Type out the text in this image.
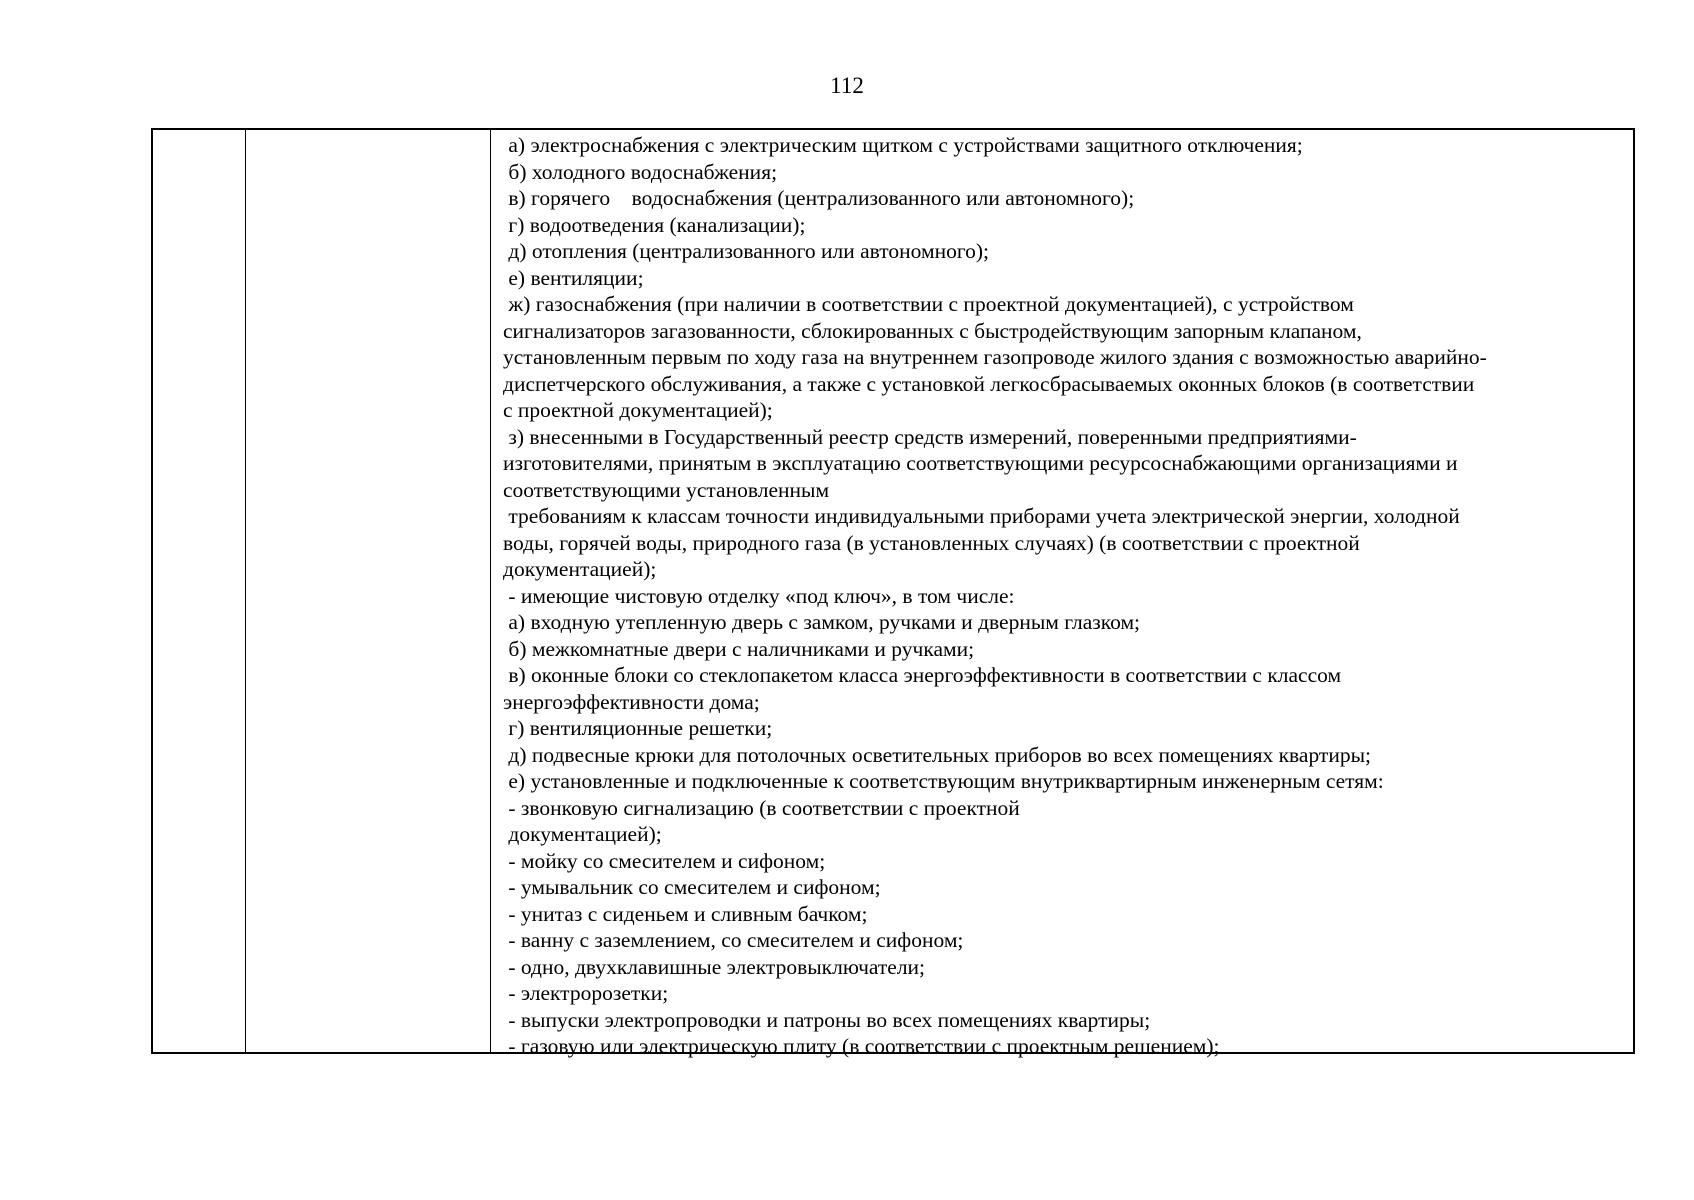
112
а) электроснабжения с электрическим щитком с устройствами защитного отключения;
б) холодного водоснабжения;
в) горячего    водоснабжения (централизованного или автономного);
г) водоотведения (канализации);
д) отопления (централизованного или автономного);
е) вентиляции;
ж) газоснабжения (при наличии в соответствии с проектной документацией), с устройством
сигнализаторов загазованности, сблокированных с быстродействующим запорным клапаном,
установленным первым по ходу газа на внутреннем газопроводе жилого здания с возможностью аварийно-
диспетчерского обслуживания, а также с установкой легкосбрасываемых оконных блоков (в соответствии
с проектной документацией);
з) внесенными в Государственный реестр средств измерений, поверенными предприятиями-
изготовителями, принятым в эксплуатацию соответствующими ресурсоснабжающими организациями и
соответствующими установленным
требованиям к классам точности индивидуальными приборами учета электрической энергии, холодной
воды, горячей воды, природного газа (в установленных случаях) (в соответствии с проектной
документацией);
- имеющие чистовую отделку «под ключ», в том числе:
а) входную утепленную дверь с замком, ручками и дверным глазком;
б) межкомнатные двери с наличниками и ручками;
в) оконные блоки со стеклопакетом класса энергоэффективности в соответствии с классом
энергоэффективности дома;
г) вентиляционные решетки;
д) подвесные крюки для потолочных осветительных приборов во всех помещениях квартиры;
е) установленные и подключенные к соответствующим внутриквартирным инженерным сетям:
- звонковую сигнализацию (в соответствии с проектной
документацией);
- мойку со смесителем и сифоном;
- умывальник со смесителем и сифоном;
- унитаз с сиденьем и сливным бачком;
- ванну с заземлением, со смесителем и сифоном;
- одно, двухклавишные электровыключатели;
- электророзетки;
- выпуски электропроводки и патроны во всех помещениях квартиры;
- газовую или электрическую плиту (в соответствии с проектным решением);
